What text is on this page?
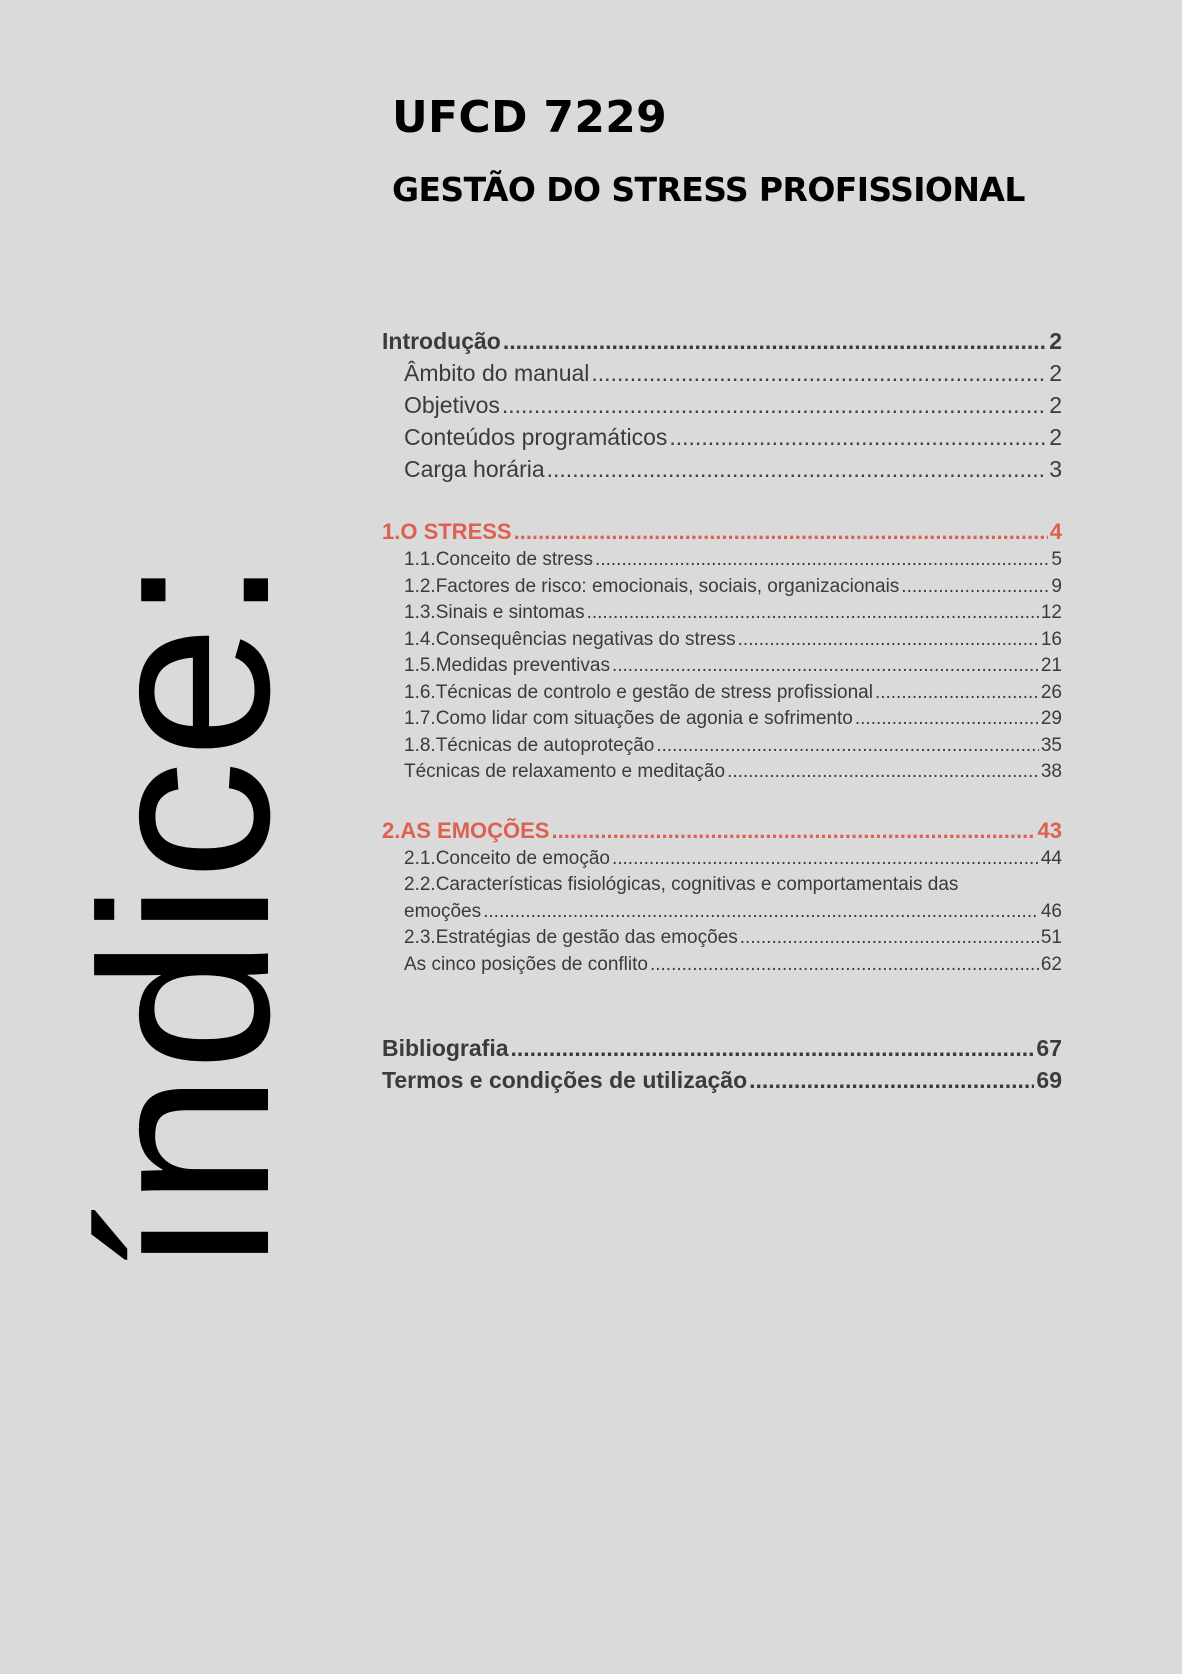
UFCD 7229
GESTÃO DO STRESS PROFISSIONAL
índice:
Introdução .....	2
Âmbito do manual .....	2
Objetivos .....	2
Conteúdos programáticos .....	2
Carga horária .....	3
1.O STRESS .....	4
1.1.Conceito de stress .....	5
1.2.Factores de risco: emocionais, sociais, organizacionais .....	9
1.3.Sinais e sintomas .....	12
1.4.Consequências negativas do stress .....	16
1.5.Medidas preventivas .....	21
1.6.Técnicas de controlo e gestão de stress profissional .....	26
1.7.Como lidar com situações de agonia e sofrimento .....	29
1.8.Técnicas de autoproteção .....	35
Técnicas de relaxamento e meditação .....	38
2.AS EMOÇÕES .....	43
2.1.Conceito de emoção .....	44
2.2.Características fisiológicas, cognitivas e comportamentais das
emoções .....	46
2.3.Estratégias de gestão das emoções .....	51
As cinco posições de conflito .....	62
Bibliografia .....	67
Termos e condições de utilização .....	69
